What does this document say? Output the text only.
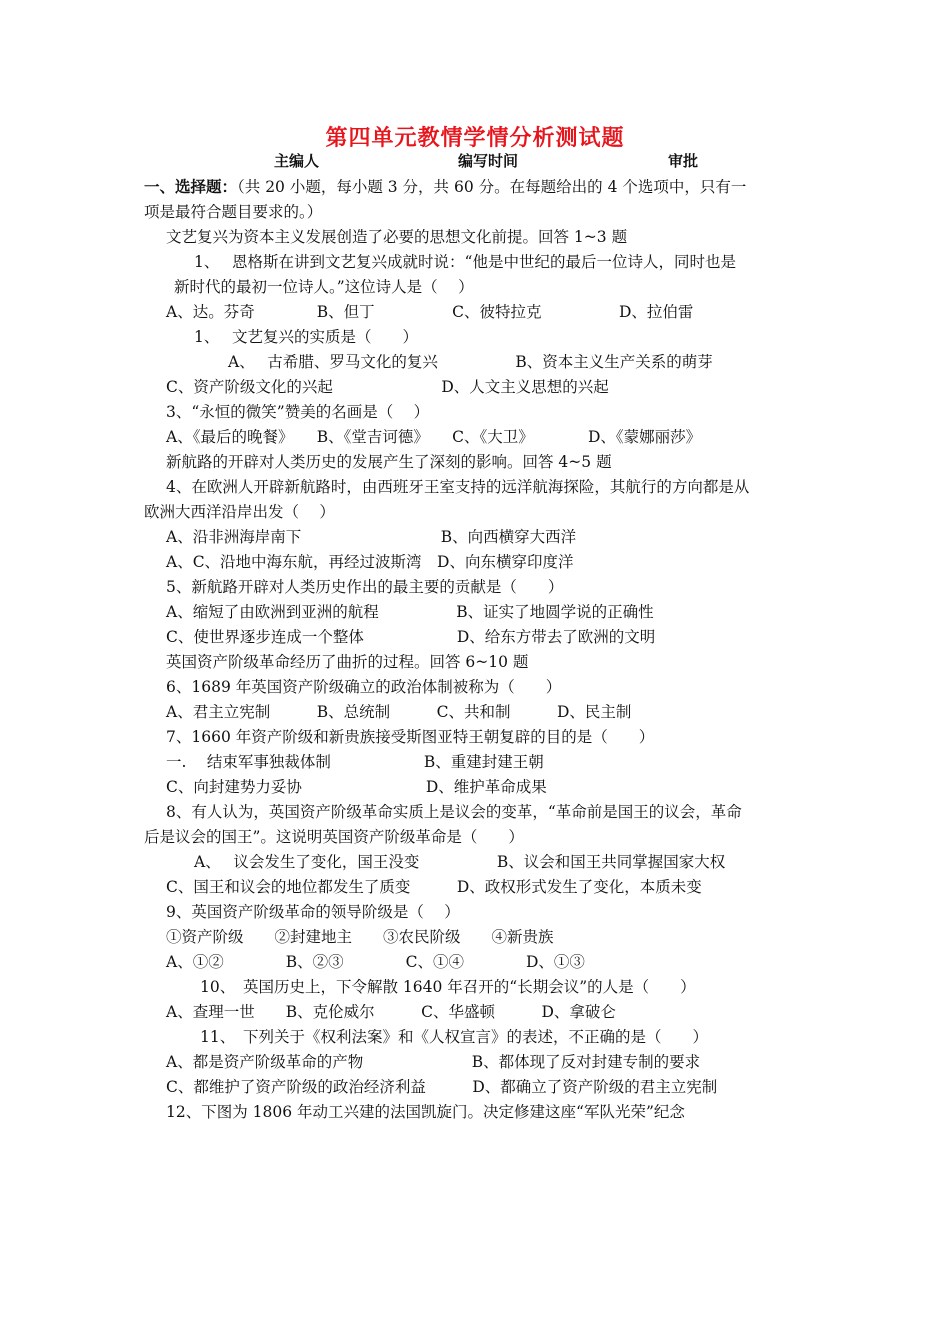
第四单元教情学情分析测试题
主编人	编写时间	审批
一、选择题：（共 20 小题，每小题 3 分，共 60 分。在每题给出的 4 个选项中，只有一
项是最符合题目要求的。）
文艺复兴为资本主义发展创造了必要的思想文化前提。回答 1~3 题
1、　 恩格斯在讲到文艺复兴成就时说：“他是中世纪的最后一位诗人，同时也是
新时代的最初一位诗人。”这位诗人是（　 ）
A、达。芬奇　　　　B、但丁　　　　　C、彼特拉克　　　　　D、拉伯雷
1、　 文艺复兴的实质是（　　）
A、　 古希腊、罗马文化的复兴　　　　　B、资本主义生产关系的萌芽
C、资产阶级文化的兴起　　　　　　　D、人文主义思想的兴起
3、“永恒的微笑”赞美的名画是（　 ）
A、《最后的晚餐》　　B、《堂吉诃德》　　C、《大卫》　　　　D、《蒙娜丽莎》
新航路的开辟对人类历史的发展产生了深刻的影响。回答 4~5 题
4、在欧洲人开辟新航路时，由西班牙王室支持的远洋航海探险，其航行的方向都是从
欧洲大西洋沿岸出发（　 ）
A、沿非洲海岸南下　　　　　　　　　B、向西横穿大西洋
A、C、沿地中海东航，再经过波斯湾　D、向东横穿印度洋
5、新航路开辟对人类历史作出的最主要的贡献是（　　）
A、缩短了由欧洲到亚洲的航程　　　　　B、证实了地圆学说的正确性
C、使世界逐步连成一个整体　　　　　　D、给东方带去了欧洲的文明
英国资产阶级革命经历了曲折的过程。回答 6~10 题
6、1689 年英国资产阶级确立的政治体制被称为（　　）
A、君主立宪制　　　B、总统制　　　C、共和制　　　D、民主制
7、1660 年资产阶级和新贵族接受斯图亚特王朝复辟的目的是（　　）
一.　 结束军事独裁体制　　　　　　B、重建封建王朝
C、向封建势力妥协　　　　　　　　D、维护革命成果
8、有人认为，英国资产阶级革命实质上是议会的变革，“革命前是国王的议会，革命
后是议会的国王”。这说明英国资产阶级革命是（　　）
A、　 议会发生了变化，国王没变　　　　　B、议会和国王共同掌握国家大权
C、国王和议会的地位都发生了质变　　　D、政权形式发生了变化，本质未变
9、英国资产阶级革命的领导阶级是（　 ）
①资产阶级　　②封建地主　　③农民阶级　　④新贵族
A、①②　　　　B、②③　　　　C、①④　　　　D、①③
10、　英国历史上，下令解散 1640 年召开的“长期会议”的人是（　　）
A、查理一世　　B、克伦威尔　　　C、华盛顿　　　D、拿破仑
11、　下列关于《权利法案》和《人权宣言》的表述，不正确的是（　　）
A、都是资产阶级革命的产物　　　　　　　B、都体现了反对封建专制的要求
C、都维护了资产阶级的政治经济利益　　　D、都确立了资产阶级的君主立宪制
12、下图为 1806 年动工兴建的法国凯旋门。决定修建这座“军队光荣”纪念
